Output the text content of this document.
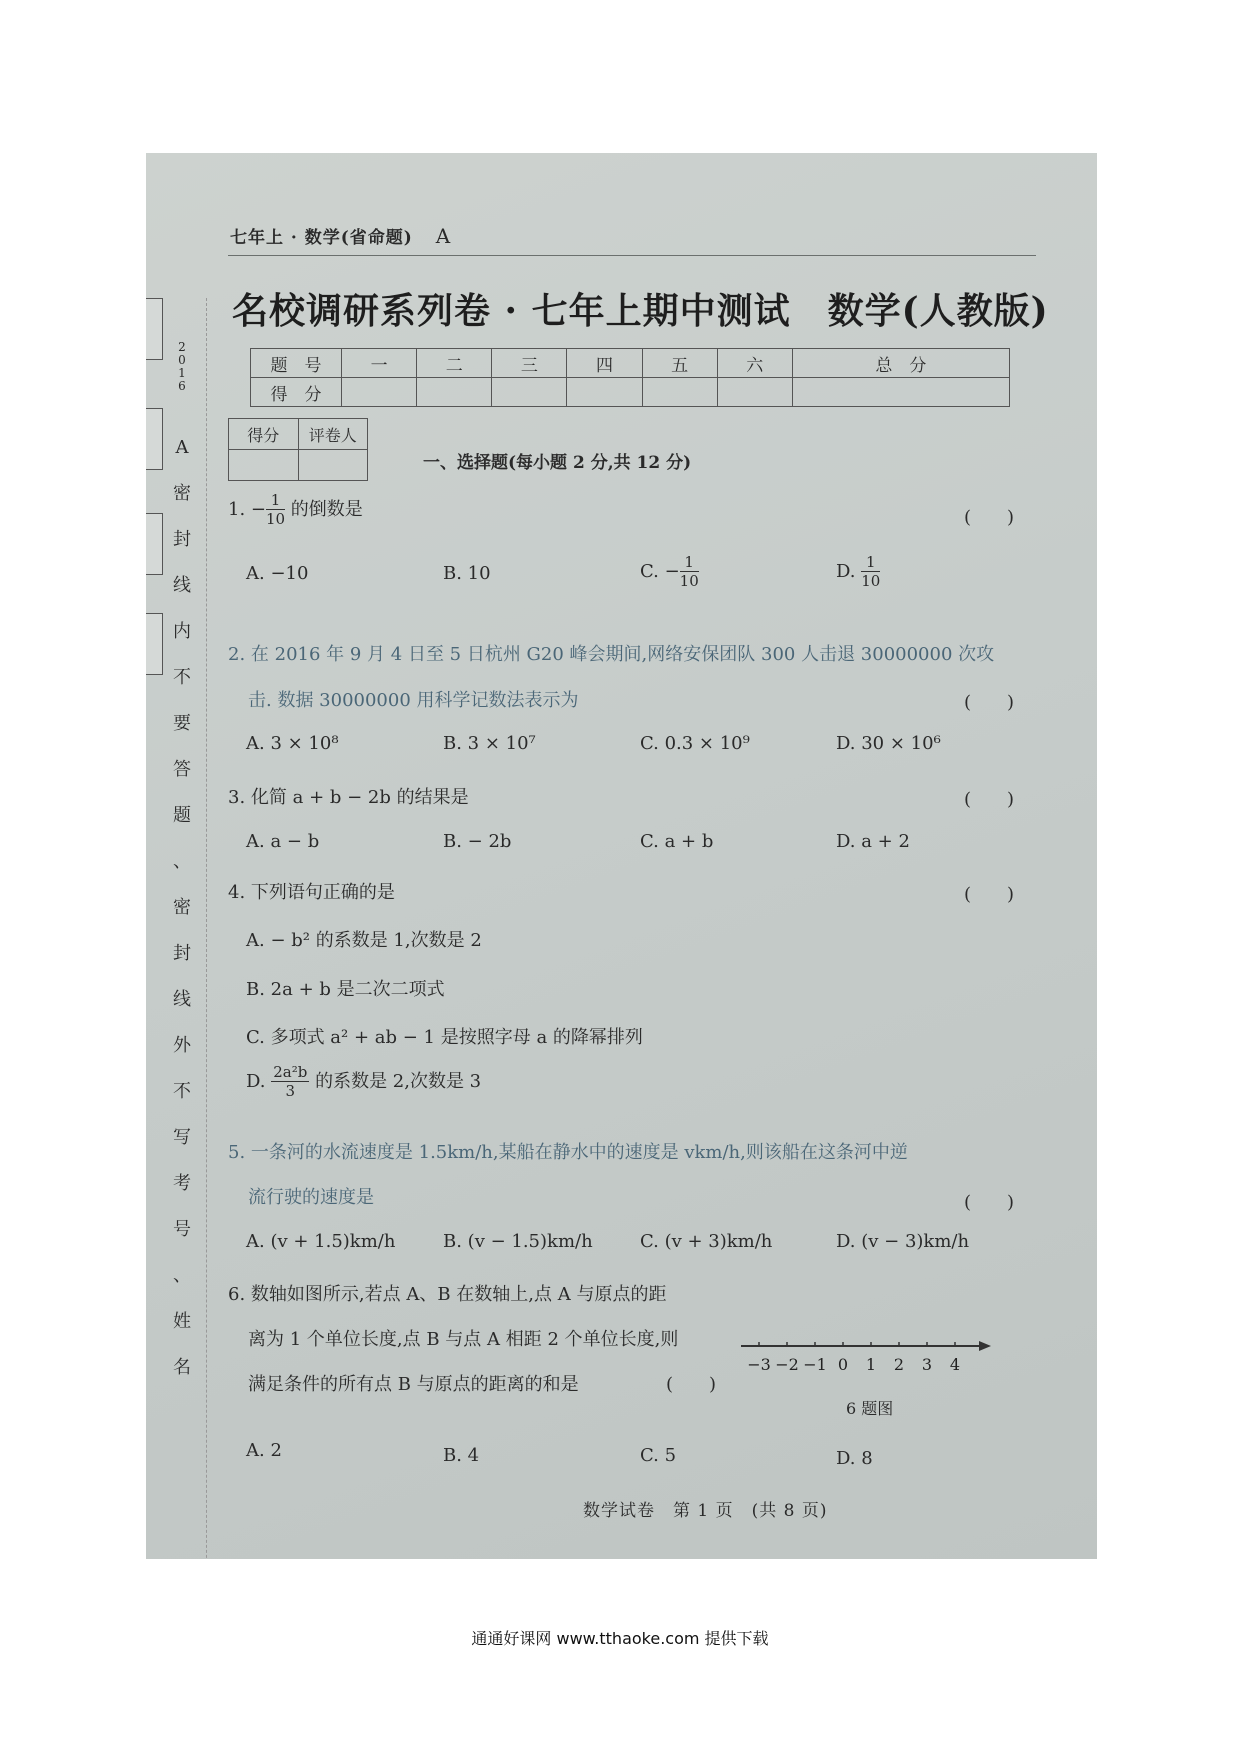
2
0
1
6
A
密
封
线
内
不
要
答
题
、
密
封
线
外
不
写
考
号
、
姓
名
七年上 · 数学(省命题) A
名校调研系列卷 · 七年上期中测试　数学(人教版)
题　号	一	二	三	四	五	六	总　分
得　分							
得分	评卷人

一、选择题(每小题 2 分,共 12 分)
1. − $\frac{1}{10}$ 的倒数是	(　　)
A. −10	B. 10	C. − $\frac{1}{10}$	D. $\frac{1}{10}$
2. 在 2016 年 9 月 4 日至 5 日杭州 G20 峰会期间,网络安保团队 300 人击退 30000000 次攻
击. 数据 30000000 用科学记数法表示为	(　　)
A. 3 × 10⁸	B. 3 × 10⁷	C. 0.3 × 10⁹	D. 30 × 10⁶
3. 化简 a + b − 2b 的结果是	(　　)
A. a − b	B. − 2b	C. a + b	D. a + 2
4. 下列语句正确的是	(　　)
A. − b² 的系数是 1,次数是 2
B. 2a + b 是二次二项式
C. 多项式 a² + ab − 1 是按照字母 a 的降幂排列
D. $\frac{\text{2a²b}}{3}$ 的系数是 2,次数是 3
5. 一条河的水流速度是 1.5km/h,某船在静水中的速度是 vkm/h,则该船在这条河中逆
流行驶的速度是	(　　)
A. (v + 1.5)km/h	B. (v − 1.5)km/h	C. (v + 3)km/h	D. (v − 3)km/h
6. 数轴如图所示,若点 A、B 在数轴上,点 A 与原点的距
离为 1 个单位长度,点 B 与点 A 相距 2 个单位长度,则
满足条件的所有点 B 与原点的距离的和是	(　　)
−3 −2 −1 0 1 2 3 4
6 题图
A. 2	B. 4	C. 5	D. 8
数学试卷　第 1 页　(共 8 页)
通通好课网 www.tthaoke.com 提供下载
